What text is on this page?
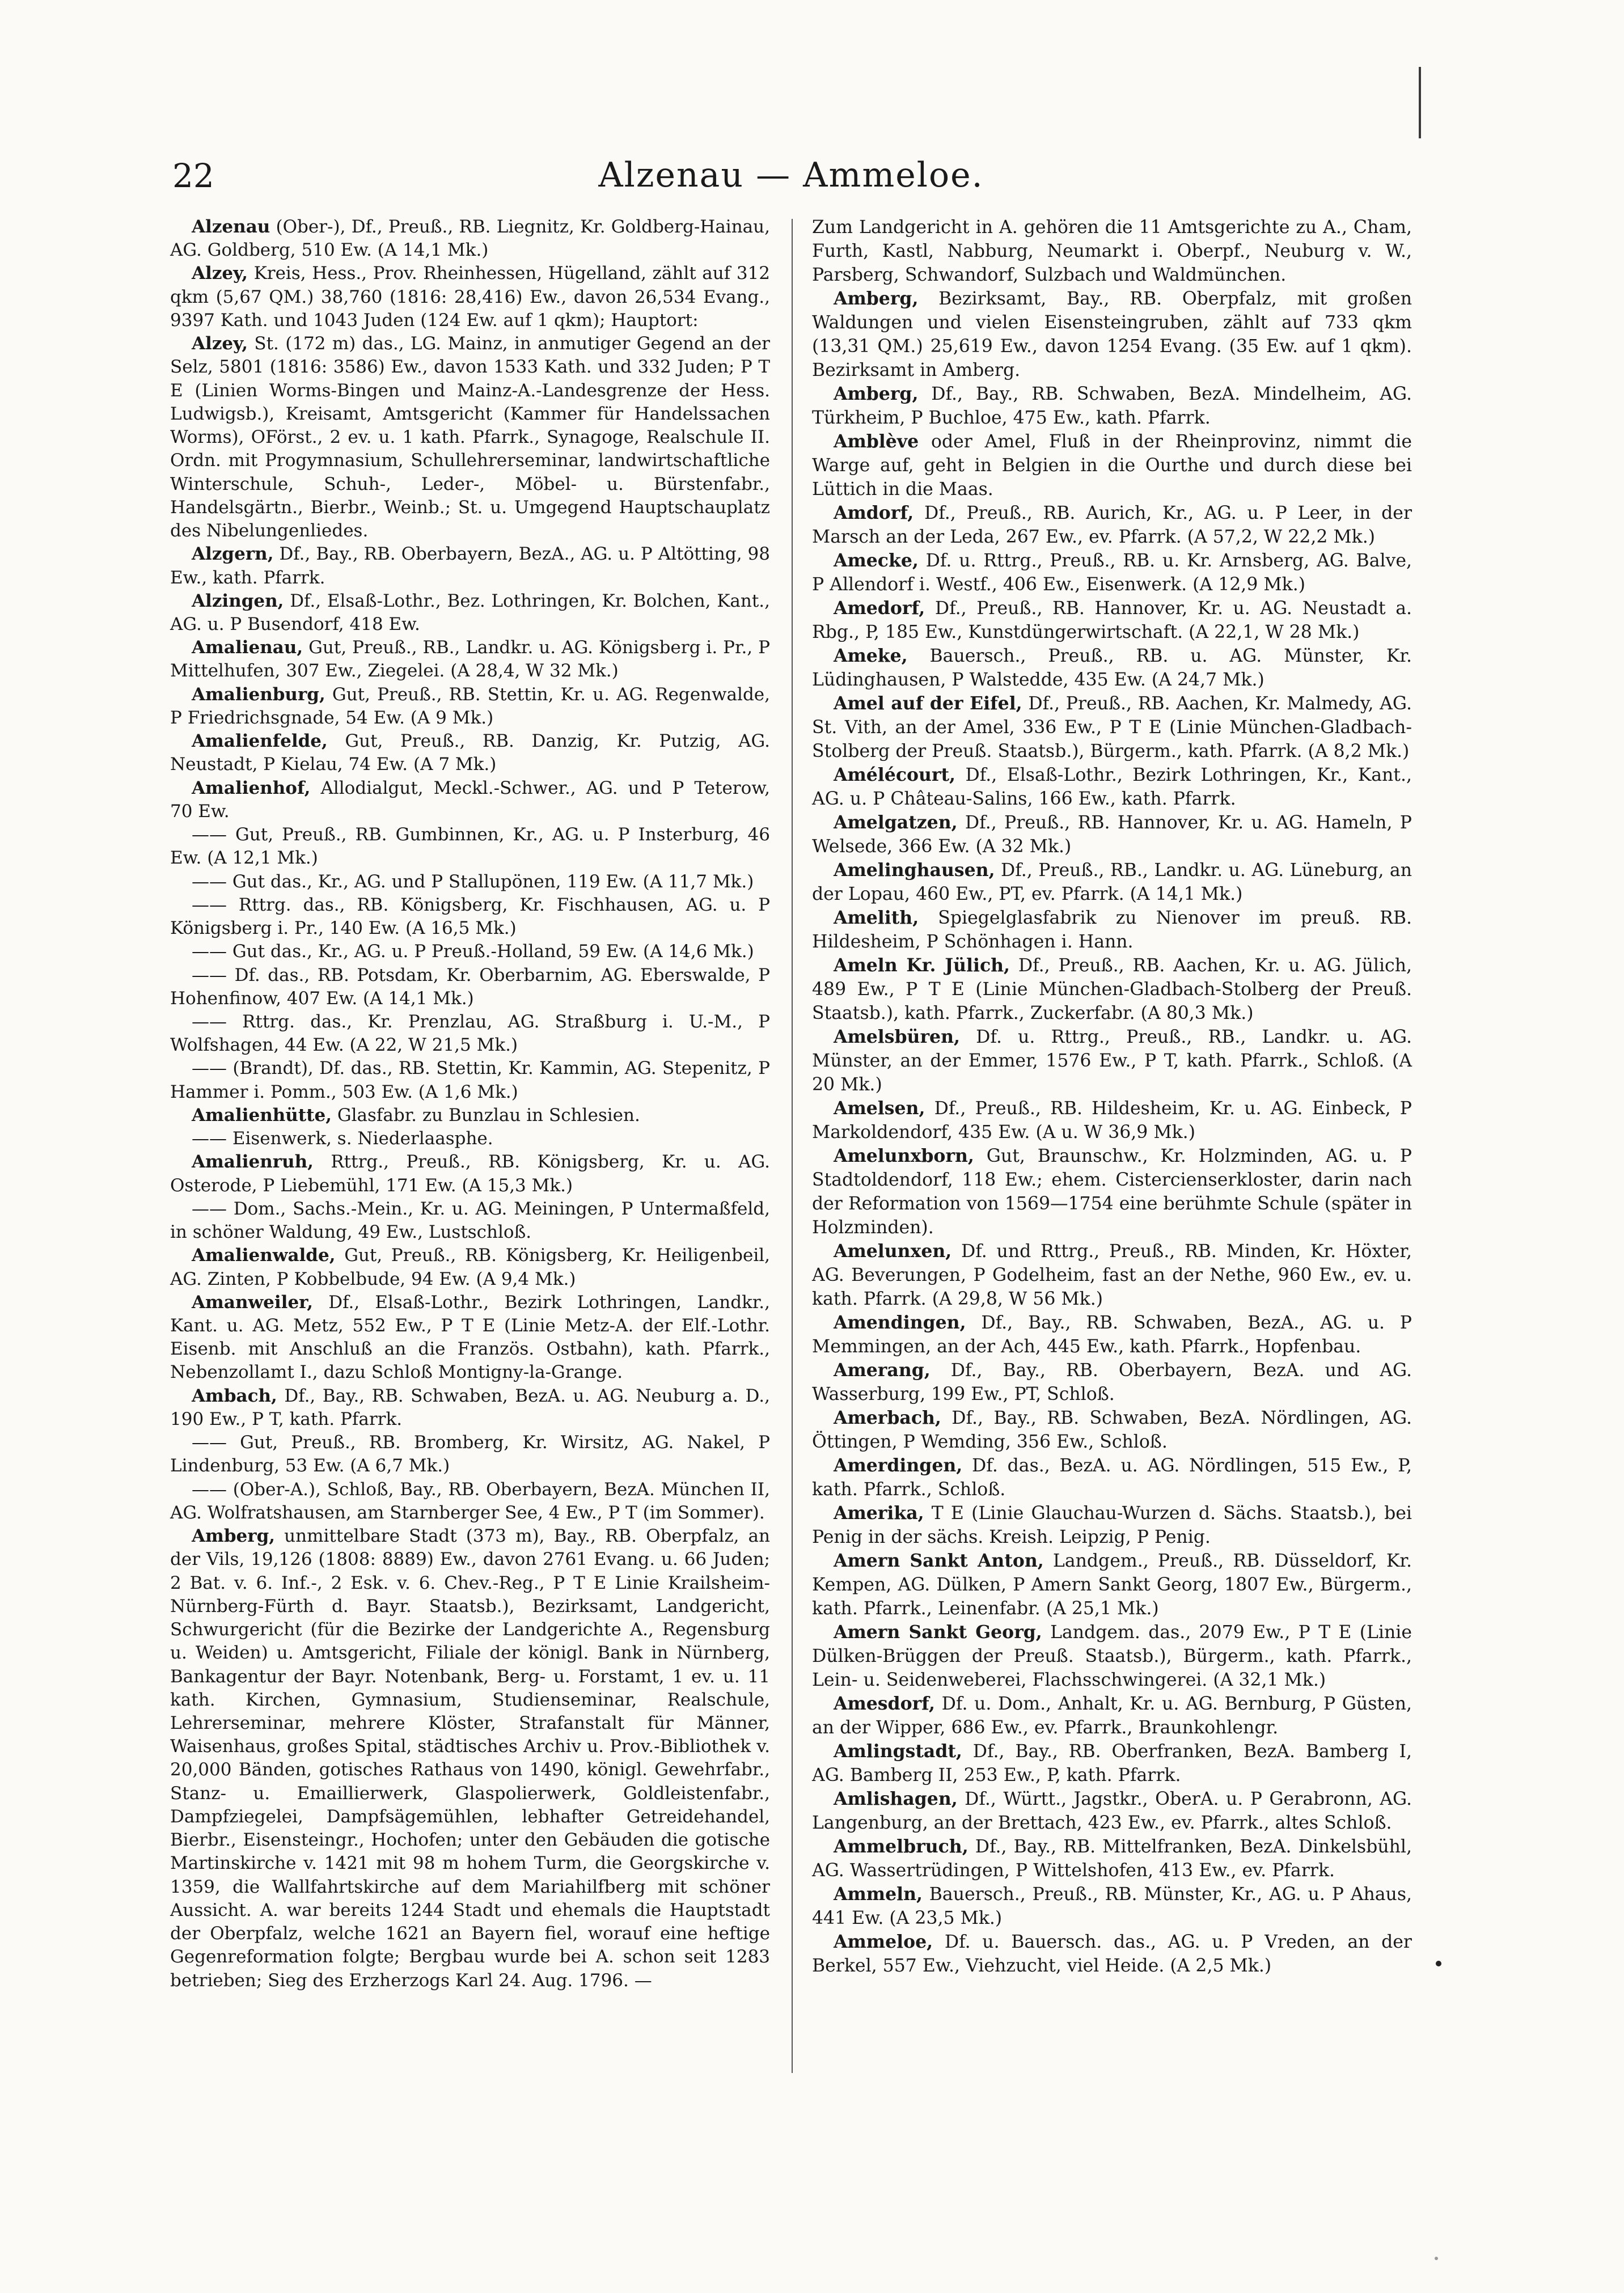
22	Alzenau — Ammeloe.

Alzenau (Ober-), Df., Preuß., RB. Liegnitz, Kr. Goldberg-Hainau, AG. Goldberg, 510 Ew. (A 14,1 Mk.)

Alzey, Kreis, Hess., Prov. Rheinhessen, Hügelland, zählt auf 312 qkm (5,67 QM.) 38,760 (1816: 28,416) Ew., davon 26,534 Evang., 9397 Kath. und 1043 Juden (124 Ew. auf 1 qkm); Hauptort:

Alzey, St. (172 m) das., LG. Mainz, in anmutiger Gegend an der Selz, 5801 (1816: 3586) Ew., davon 1533 Kath. und 332 Juden; P T E (Linien Worms-Bingen und Mainz-A.-Landesgrenze der Hess. Ludwigsb.), Kreisamt, Amtsgericht (Kammer für Handelssachen Worms), OFörst., 2 ev. u. 1 kath. Pfarrk., Synagoge, Realschule II. Ordn. mit Progymnasium, Schullehrerseminar, landwirtschaftliche Winterschule, Schuh-, Leder-, Möbel- u. Bürstenfabr., Handelsgärtn., Bierbr., Weinb.; St. u. Umgegend Hauptschauplatz des Nibelungenliedes.

Alzgern, Df., Bay., RB. Oberbayern, BezA., AG. u. P Altötting, 98 Ew., kath. Pfarrk.

Alzingen, Df., Elsaß-Lothr., Bez. Lothringen, Kr. Bolchen, Kant., AG. u. P Busendorf, 418 Ew.

Amalienau, Gut, Preuß., RB., Landkr. u. AG. Königsberg i. Pr., P Mittelhufen, 307 Ew., Ziegelei. (A 28,4, W 32 Mk.)

Amalienburg, Gut, Preuß., RB. Stettin, Kr. u. AG. Regenwalde, P Friedrichsgnade, 54 Ew. (A 9 Mk.)

Amalienfelde, Gut, Preuß., RB. Danzig, Kr. Putzig, AG. Neustadt, P Kielau, 74 Ew. (A 7 Mk.)

Amalienhof, Allodialgut, Meckl.-Schwer., AG. und P Teterow, 70 Ew.

—— Gut, Preuß., RB. Gumbinnen, Kr., AG. u. P Insterburg, 46 Ew. (A 12,1 Mk.)

—— Gut das., Kr., AG. und P Stallupönen, 119 Ew. (A 11,7 Mk.)

—— Rttrg. das., RB. Königsberg, Kr. Fischhausen, AG. u. P Königsberg i. Pr., 140 Ew. (A 16,5 Mk.)

—— Gut das., Kr., AG. u. P Preuß.-Holland, 59 Ew. (A 14,6 Mk.)

—— Df. das., RB. Potsdam, Kr. Oberbarnim, AG. Eberswalde, P Hohenfinow, 407 Ew. (A 14,1 Mk.)

—— Rttrg. das., Kr. Prenzlau, AG. Straßburg i. U.-M., P Wolfshagen, 44 Ew. (A 22, W 21,5 Mk.)

—— (Brandt), Df. das., RB. Stettin, Kr. Kammin, AG. Stepenitz, P Hammer i. Pomm., 503 Ew. (A 1,6 Mk.)

Amalienhütte, Glasfabr. zu Bunzlau in Schlesien.

—— Eisenwerk, s. Niederlaasphe.

Amalienruh, Rttrg., Preuß., RB. Königsberg, Kr. u. AG. Osterode, P Liebemühl, 171 Ew. (A 15,3 Mk.)

—— Dom., Sachs.-Mein., Kr. u. AG. Meiningen, P Untermaßfeld, in schöner Waldung, 49 Ew., Lustschloß.

Amalienwalde, Gut, Preuß., RB. Königsberg, Kr. Heiligenbeil, AG. Zinten, P Kobbelbude, 94 Ew. (A 9,4 Mk.)

Amanweiler, Df., Elsaß-Lothr., Bezirk Lothringen, Landkr., Kant. u. AG. Metz, 552 Ew., P T E (Linie Metz-A. der Elf.-Lothr. Eisenb. mit Anschluß an die Französ. Ostbahn), kath. Pfarrk., Nebenzollamt I., dazu Schloß Montigny-la-Grange.

Ambach, Df., Bay., RB. Schwaben, BezA. u. AG. Neuburg a. D., 190 Ew., P T, kath. Pfarrk.

—— Gut, Preuß., RB. Bromberg, Kr. Wirsitz, AG. Nakel, P Lindenburg, 53 Ew. (A 6,7 Mk.)

—— (Ober-A.), Schloß, Bay., RB. Oberbayern, BezA. München II, AG. Wolfratshausen, am Starnberger See, 4 Ew., P T (im Sommer).

Amberg, unmittelbare Stadt (373 m), Bay., RB. Oberpfalz, an der Vils, 19,126 (1808: 8889) Ew., davon 2761 Evang. u. 66 Juden; 2 Bat. v. 6. Inf.-, 2 Esk. v. 6. Chev.-Reg., P T E Linie Krailsheim-Nürnberg-Fürth d. Bayr. Staatsb.), Bezirksamt, Landgericht, Schwurgericht (für die Bezirke der Landgerichte A., Regensburg u. Weiden) u. Amtsgericht, Filiale der königl. Bank in Nürnberg, Bankagentur der Bayr. Notenbank, Berg- u. Forstamt, 1 ev. u. 11 kath. Kirchen, Gymnasium, Studienseminar, Realschule, Lehrerseminar, mehrere Klöster, Strafanstalt für Männer, Waisenhaus, großes Spital, städtisches Archiv u. Prov.-Bibliothek v. 20,000 Bänden, gotisches Rathaus von 1490, königl. Gewehrfabr., Stanz- u. Emaillierwerk, Glaspolierwerk, Goldleistenfabr., Dampfziegelei, Dampfsägemühlen, lebhafter Getreidehandel, Bierbr., Eisensteingr., Hochofen; unter den Gebäuden die gotische Martinskirche v. 1421 mit 98 m hohem Turm, die Georgskirche v. 1359, die Wallfahrtskirche auf dem Mariahilfberg mit schöner Aussicht. A. war bereits 1244 Stadt und ehemals die Hauptstadt der Oberpfalz, welche 1621 an Bayern fiel, worauf eine heftige Gegenreformation folgte; Bergbau wurde bei A. schon seit 1283 betrieben; Sieg des Erzherzogs Karl 24. Aug. 1796. —

Zum Landgericht in A. gehören die 11 Amtsgerichte zu A., Cham, Furth, Kastl, Nabburg, Neumarkt i. Oberpf., Neuburg v. W., Parsberg, Schwandorf, Sulzbach und Waldmünchen.

Amberg, Bezirksamt, Bay., RB. Oberpfalz, mit großen Waldungen und vielen Eisensteingruben, zählt auf 733 qkm (13,31 QM.) 25,619 Ew., davon 1254 Evang. (35 Ew. auf 1 qkm). Bezirksamt in Amberg.

Amberg, Df., Bay., RB. Schwaben, BezA. Mindelheim, AG. Türkheim, P Buchloe, 475 Ew., kath. Pfarrk.

Amblève oder Amel, Fluß in der Rheinprovinz, nimmt die Warge auf, geht in Belgien in die Ourthe und durch diese bei Lüttich in die Maas.

Amdorf, Df., Preuß., RB. Aurich, Kr., AG. u. P Leer, in der Marsch an der Leda, 267 Ew., ev. Pfarrk. (A 57,2, W 22,2 Mk.)

Amecke, Df. u. Rttrg., Preuß., RB. u. Kr. Arnsberg, AG. Balve, P Allendorf i. Westf., 406 Ew., Eisenwerk. (A 12,9 Mk.)

Amedorf, Df., Preuß., RB. Hannover, Kr. u. AG. Neustadt a. Rbg., P, 185 Ew., Kunstdüngerwirtschaft. (A 22,1, W 28 Mk.)

Ameke, Bauersch., Preuß., RB. u. AG. Münster, Kr. Lüdinghausen, P Walstedde, 435 Ew. (A 24,7 Mk.)

Amel auf der Eifel, Df., Preuß., RB. Aachen, Kr. Malmedy, AG. St. Vith, an der Amel, 336 Ew., P T E (Linie München-Gladbach-Stolberg der Preuß. Staatsb.), Bürgerm., kath. Pfarrk. (A 8,2 Mk.)

Amélécourt, Df., Elsaß-Lothr., Bezirk Lothringen, Kr., Kant., AG. u. P Château-Salins, 166 Ew., kath. Pfarrk.

Amelgatzen, Df., Preuß., RB. Hannover, Kr. u. AG. Hameln, P Welsede, 366 Ew. (A 32 Mk.)

Amelinghausen, Df., Preuß., RB., Landkr. u. AG. Lüneburg, an der Lopau, 460 Ew., PT, ev. Pfarrk. (A 14,1 Mk.)

Amelith, Spiegelglasfabrik zu Nienover im preuß. RB. Hildesheim, P Schönhagen i. Hann.

Ameln Kr. Jülich, Df., Preuß., RB. Aachen, Kr. u. AG. Jülich, 489 Ew., P T E (Linie München-Gladbach-Stolberg der Preuß. Staatsb.), kath. Pfarrk., Zuckerfabr. (A 80,3 Mk.)

Amelsbüren, Df. u. Rttrg., Preuß., RB., Landkr. u. AG. Münster, an der Emmer, 1576 Ew., P T, kath. Pfarrk., Schloß. (A 20 Mk.)

Amelsen, Df., Preuß., RB. Hildesheim, Kr. u. AG. Einbeck, P Markoldendorf, 435 Ew. (A u. W 36,9 Mk.)

Amelunxborn, Gut, Braunschw., Kr. Holzminden, AG. u. P Stadtoldendorf, 118 Ew.; ehem. Cistercienserkloster, darin nach der Reformation von 1569—1754 eine berühmte Schule (später in Holzminden).

Amelunxen, Df. und Rttrg., Preuß., RB. Minden, Kr. Höxter, AG. Beverungen, P Godelheim, fast an der Nethe, 960 Ew., ev. u. kath. Pfarrk. (A 29,8, W 56 Mk.)

Amendingen, Df., Bay., RB. Schwaben, BezA., AG. u. P Memmingen, an der Ach, 445 Ew., kath. Pfarrk., Hopfenbau.

Amerang, Df., Bay., RB. Oberbayern, BezA. und AG. Wasserburg, 199 Ew., PT, Schloß.

Amerbach, Df., Bay., RB. Schwaben, BezA. Nördlingen, AG. Öttingen, P Wemding, 356 Ew., Schloß.

Amerdingen, Df. das., BezA. u. AG. Nördlingen, 515 Ew., P, kath. Pfarrk., Schloß.

Amerika, T E (Linie Glauchau-Wurzen d. Sächs. Staatsb.), bei Penig in der sächs. Kreish. Leipzig, P Penig.

Amern Sankt Anton, Landgem., Preuß., RB. Düsseldorf, Kr. Kempen, AG. Dülken, P Amern Sankt Georg, 1807 Ew., Bürgerm., kath. Pfarrk., Leinenfabr. (A 25,1 Mk.)

Amern Sankt Georg, Landgem. das., 2079 Ew., P T E (Linie Dülken-Brüggen der Preuß. Staatsb.), Bürgerm., kath. Pfarrk., Lein- u. Seidenweberei, Flachsschwingerei. (A 32,1 Mk.)

Amesdorf, Df. u. Dom., Anhalt, Kr. u. AG. Bernburg, P Güsten, an der Wipper, 686 Ew., ev. Pfarrk., Braunkohlengr.

Amlingstadt, Df., Bay., RB. Oberfranken, BezA. Bamberg I, AG. Bamberg II, 253 Ew., P, kath. Pfarrk.

Amlishagen, Df., Württ., Jagstkr., OberA. u. P Gerabronn, AG. Langenburg, an der Brettach, 423 Ew., ev. Pfarrk., altes Schloß.

Ammelbruch, Df., Bay., RB. Mittelfranken, BezA. Dinkelsbühl, AG. Wassertrüdingen, P Wittelshofen, 413 Ew., ev. Pfarrk.

Ammeln, Bauersch., Preuß., RB. Münster, Kr., AG. u. P Ahaus, 441 Ew. (A 23,5 Mk.)

Ammeloe, Df. u. Bauersch. das., AG. u. P Vreden, an der Berkel, 557 Ew., Viehzucht, viel Heide. (A 2,5 Mk.)
